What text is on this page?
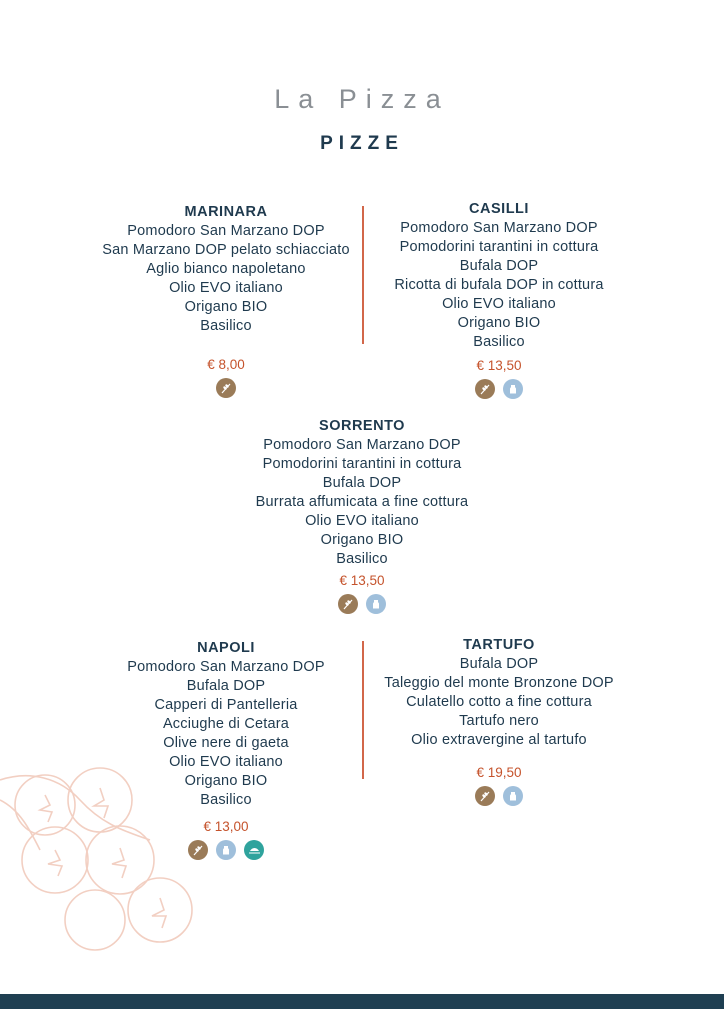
La Pizza
PIZZE
MARINARA
Pomodoro San Marzano DOP
San Marzano DOP pelato schiacciato
Aglio bianco napoletano
Olio EVO italiano
Origano BIO
Basilico
€ 8,00
CASILLI
Pomodoro San Marzano DOP
Pomodorini tarantini in cottura
Bufala DOP
Ricotta di bufala DOP in cottura
Olio EVO italiano
Origano BIO
Basilico
€ 13,50
SORRENTO
Pomodoro San Marzano DOP
Pomodorini tarantini in cottura
Bufala DOP
Burrata affumicata a fine cottura
Olio EVO italiano
Origano BIO
Basilico
€ 13,50
NAPOLI
Pomodoro San Marzano DOP
Bufala DOP
Capperi di Pantelleria
Acciughe di Cetara
Olive nere di gaeta
Olio EVO italiano
Origano BIO
Basilico
€ 13,00
TARTUFO
Bufala DOP
Taleggio del monte Bronzone DOP
Culatello cotto a fine cottura
Tartufo nero
Olio extravergine al tartufo
€ 19,50
